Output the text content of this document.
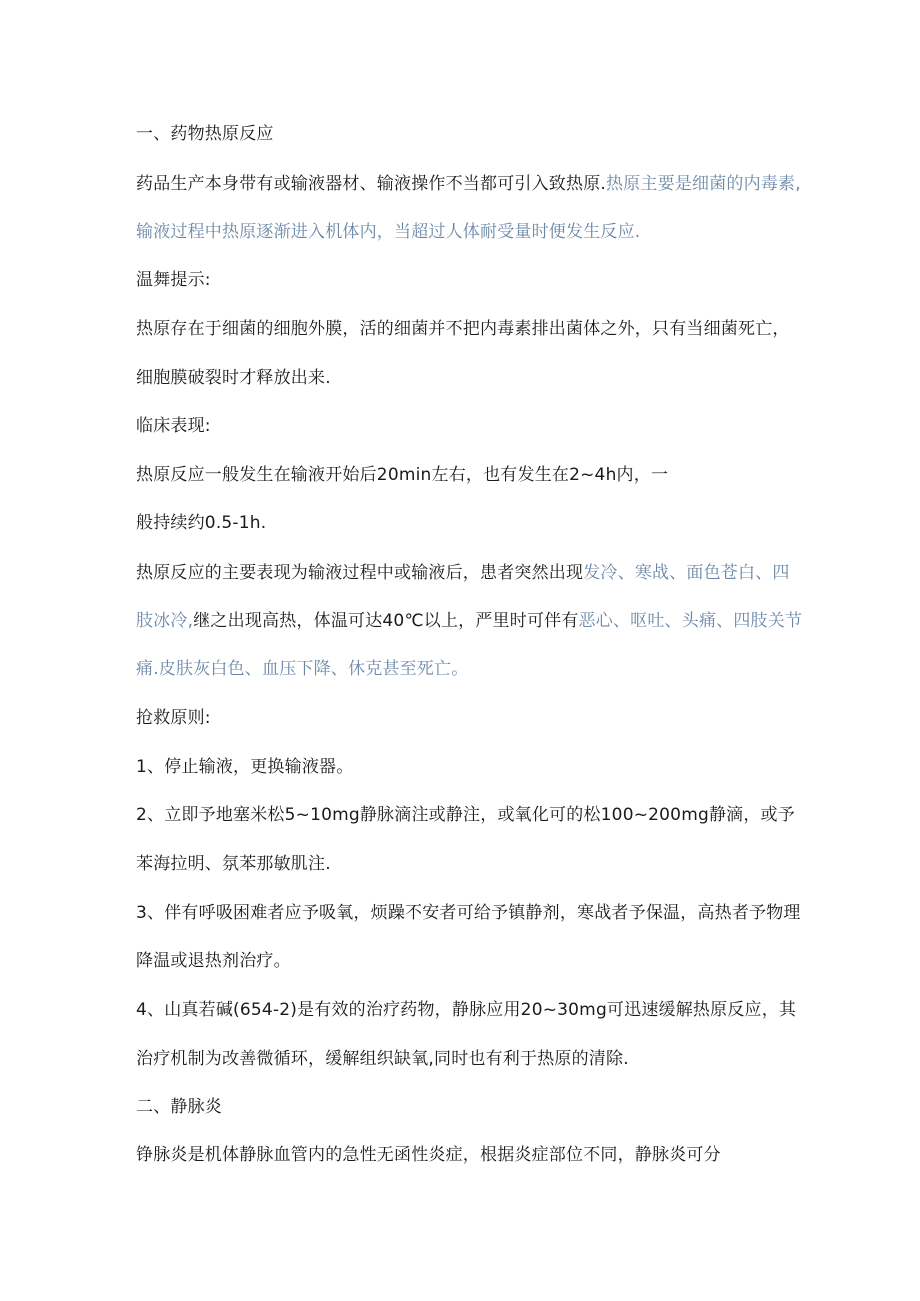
一、药物热原反应
药品生产本身带有或输液器材、输液操作不当都可引入致热原.热原主要是细菌的内毒素,
输液过程中热原逐渐进入机体内，当超过人体耐受量时便发生反应.
温舞提示:
热原存在于细菌的细胞外膜，活的细菌并不把内毒素排出菌体之外，只有当细菌死亡，
细胞膜破裂时才释放出来.
临床表现:
热原反应一般发生在输液开始后20min左右，也有发生在2~4h内，一
般持续约0.5-1h.
热原反应的主要表现为输液过程中或输液后，患者突然出现发冷、寒战、面色苍白、四
肢冰冷,继之出现高热，体温可达40℃以上，严里时可伴有恶心、呕吐、头痛、四肢关节
痛.皮肤灰白色、血压下降、休克甚至死亡。
抢救原则:
1、停止输液，更换输液器。
2、立即予地塞米松5~10mg静脉滴注或静注，或氧化可的松100~200mg静滴，或予
苯海拉明、氛苯那敏肌注.
3、伴有呼吸困难者应予吸氧，烦躁不安者可给予镇静剂，寒战者予保温，高热者予物理
降温或退热剂治疗。
4、山真若碱(654-2)是有效的治疗药物，静脉应用20~30mg可迅速缓解热原反应，其
治疗机制为改善微循环，缓解组织缺氧,同时也有利于热原的清除.
二、静脉炎
铮脉炎是机体静脉血管内的急性无函性炎症，根据炎症部位不同，静脉炎可分
